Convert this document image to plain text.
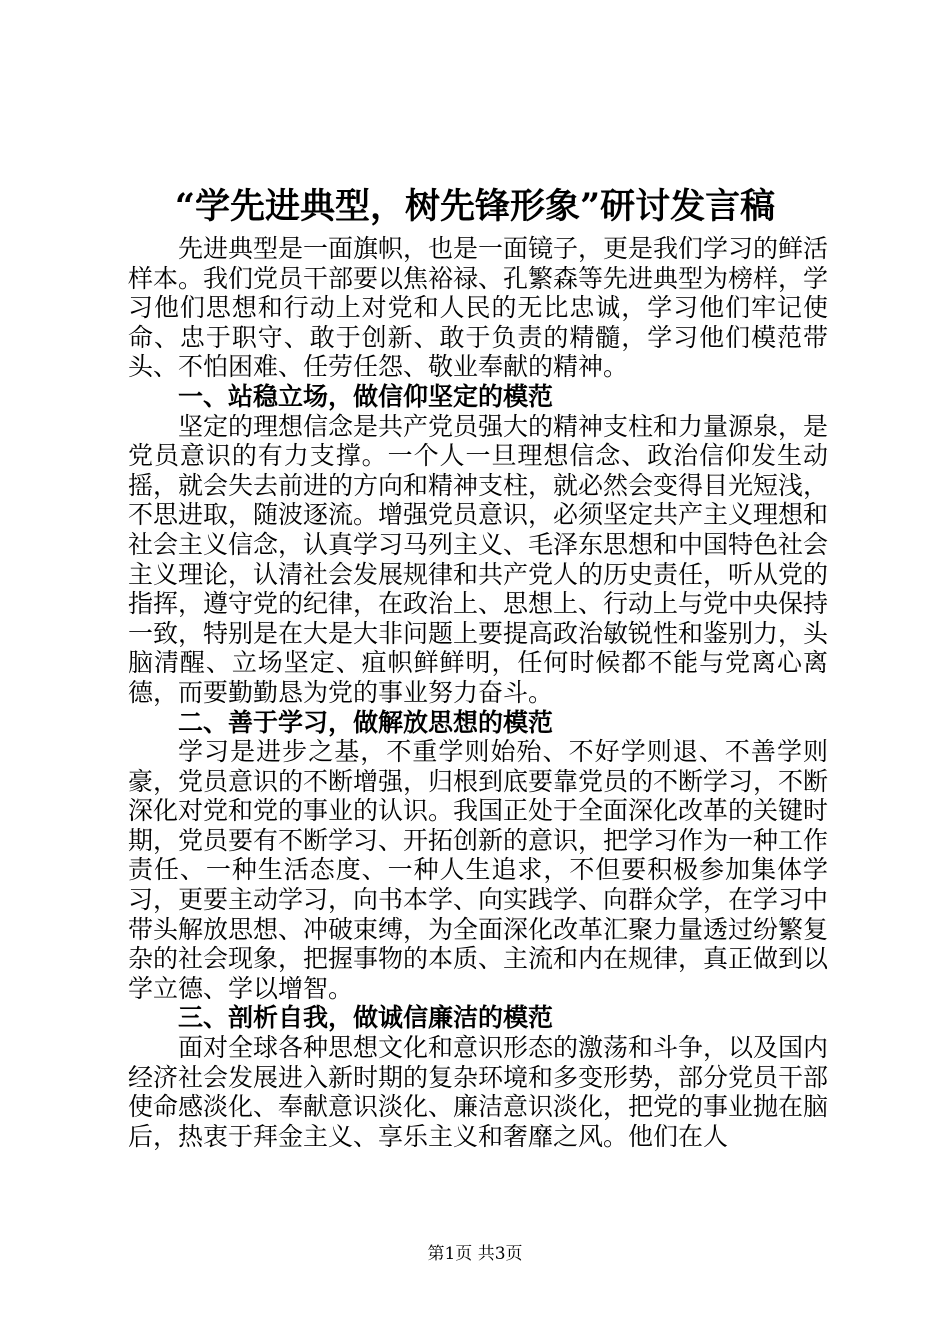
“学先进典型，树先锋形象”研讨发言稿

先进典型是一面旗帜，也是一面镜子，更是我们学习的鲜活样本。我们党员干部要以焦裕禄、孔繁森等先进典型为榜样，学习他们思想和行动上对党和人民的无比忠诚，学习他们牢记使命、忠于职守、敢于创新、敢于负责的精髓，学习他们模范带头、不怕困难、任劳任怨、敬业奉献的精神。

一、站稳立场，做信仰坚定的模范

坚定的理想信念是共产党员强大的精神支柱和力量源泉，是党员意识的有力支撑。一个人一旦理想信念、政治信仰发生动摇，就会失去前进的方向和精神支柱，就必然会变得目光短浅，不思进取，随波逐流。增强党员意识，必须坚定共产主义理想和社会主义信念，认真学习马列主义、毛泽东思想和中国特色社会主义理论，认清社会发展规律和共产党人的历史责任，听从党的指挥，遵守党的纪律，在政治上、思想上、行动上与党中央保持一致，特别是在大是大非问题上要提高政治敏锐性和鉴别力，头脑清醒、立场坚定、疽帜鲜鲜明，任何时候都不能与党离心离德，而要勤勤恳为党的事业努力奋斗。

二、善于学习，做解放思想的模范

学习是进步之基，不重学则始殆、不好学则退、不善学则豪，党员意识的不断增强，归根到底要靠党员的不断学习，不断深化对党和党的事业的认识。我国正处于全面深化改革的关键时期，党员要有不断学习、开拓创新的意识，把学习作为一种工作责任、一种生活态度、一种人生追求，不但要积极参加集体学习，更要主动学习，向书本学、向实践学、向群众学，在学习中带头解放思想、冲破束缚，为全面深化改革汇聚力量透过纷繁复杂的社会现象，把握事物的本质、主流和内在规律，真正做到以学立德、学以增智。

三、剖析自我，做诚信廉洁的模范

面对全球各种思想文化和意识形态的激荡和斗争，以及国内经济社会发展进入新时期的复杂环境和多变形势，部分党员干部使命感淡化、奉献意识淡化、廉洁意识淡化，把党的事业抛在脑后，热衷于拜金主义、享乐主义和奢靡之风。他们在人

第1页 共3页
